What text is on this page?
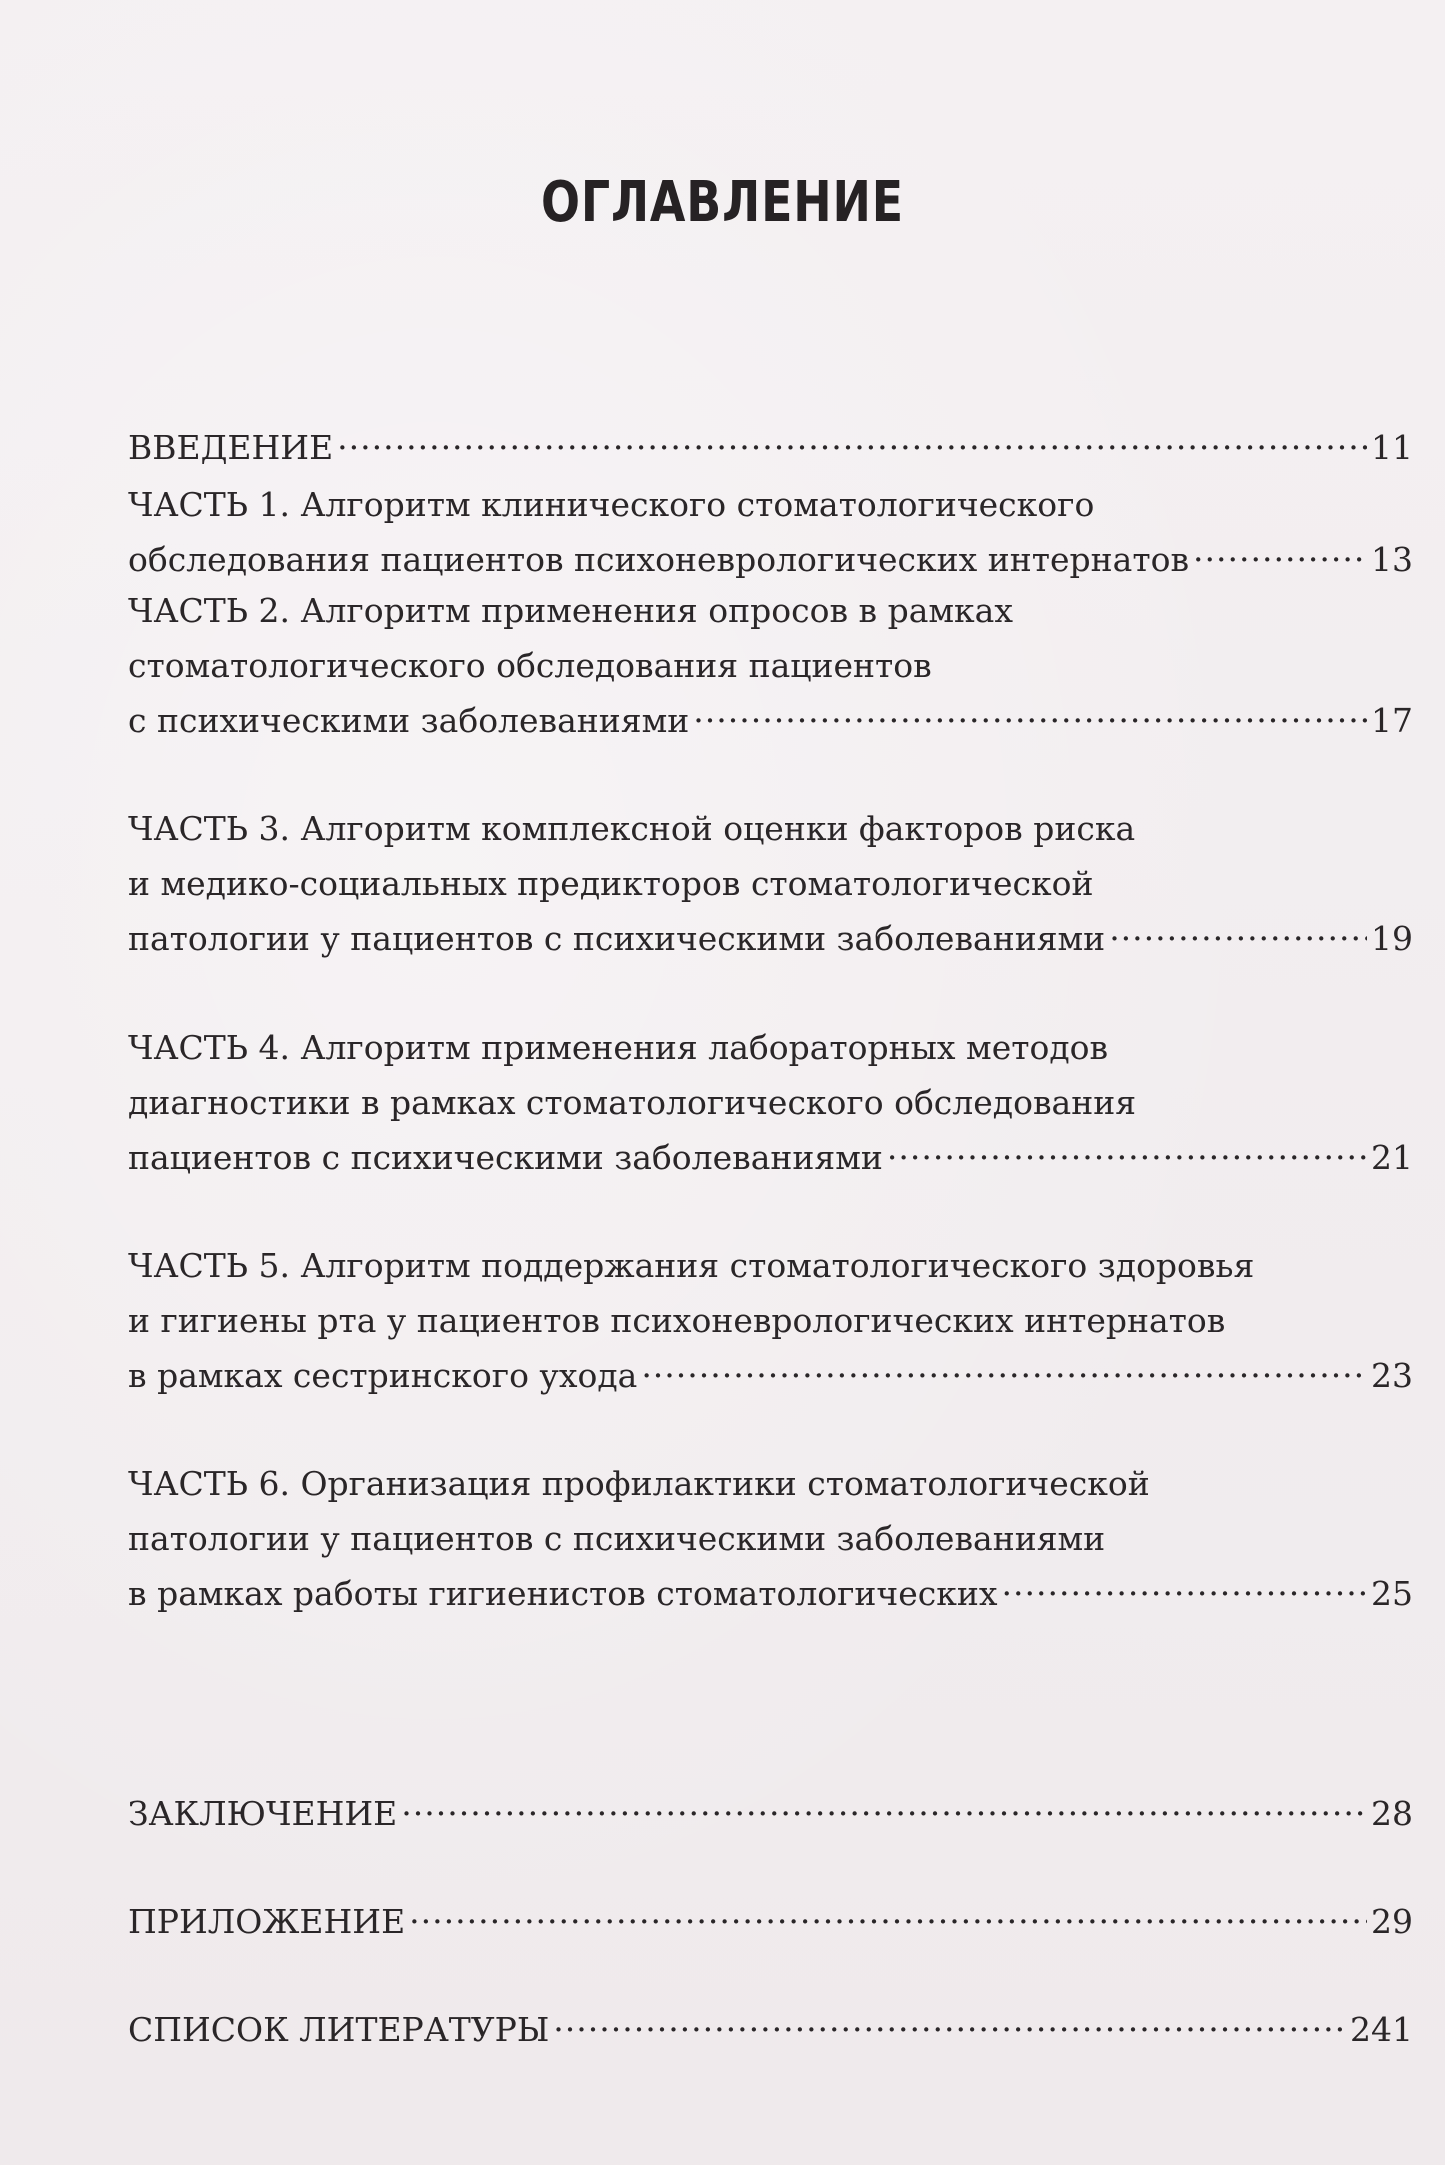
ОГЛАВЛЕНИЕ
ВВЕДЕНИЕ .....	11
ЧАСТЬ 1. Алгоритм клинического стоматологического
обследования пациентов психоневрологических интернатов .....	13
ЧАСТЬ 2. Алгоритм применения опросов в рамках
стоматологического обследования пациентов
с психическими заболеваниями .....	17
ЧАСТЬ 3. Алгоритм комплексной оценки факторов риска
и медико-социальных предикторов стоматологической
патологии у пациентов с психическими заболеваниями .....	19
ЧАСТЬ 4. Алгоритм применения лабораторных методов
диагностики в рамках стоматологического обследования
пациентов с психическими заболеваниями .....	21
ЧАСТЬ 5. Алгоритм поддержания стоматологического здоровья
и гигиены рта у пациентов психоневрологических интернатов
в рамках сестринского ухода .....	23
ЧАСТЬ 6. Организация профилактики стоматологической
патологии у пациентов с психическими заболеваниями
в рамках работы гигиенистов стоматологических .....	25
ЗАКЛЮЧЕНИЕ .....	28
ПРИЛОЖЕНИЕ .....	29
СПИСОК ЛИТЕРАТУРЫ .....	241
